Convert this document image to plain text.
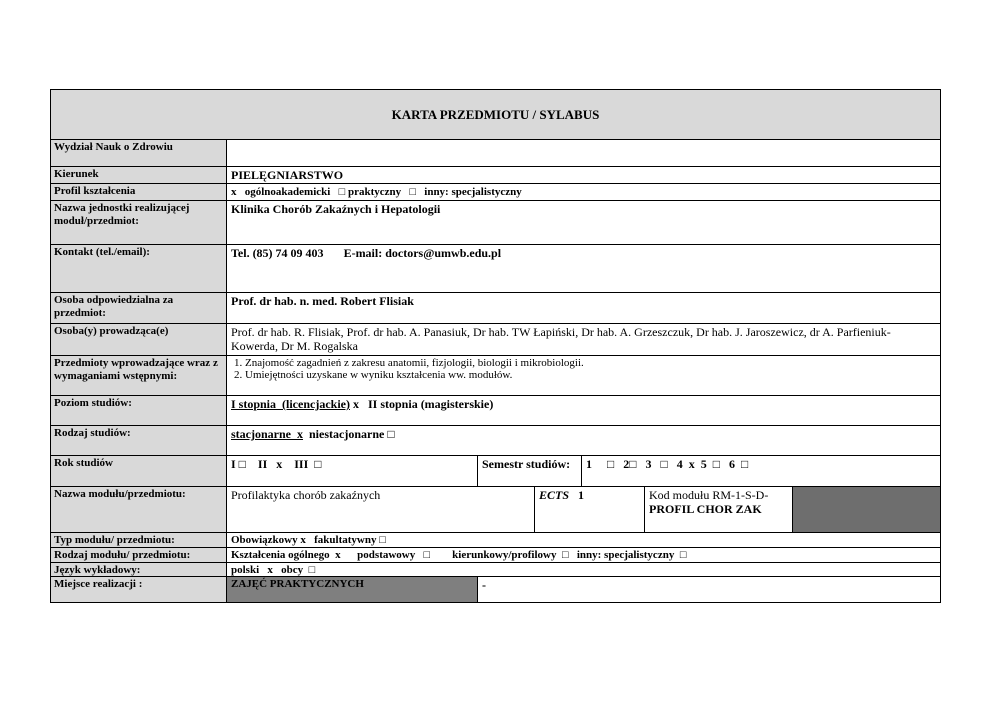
KARTA PRZEDMIOTU / SYLABUS
Wydział Nauk o Zdrowiu
Kierunek	PIELĘGNIARSTWO
Profil kształcenia	x   ogólnoakademicki   □ praktyczny   □   inny: specjalistyczny
Nazwa jednostki realizującej moduł/przedmiot:
Klinika Chorób Zakaźnych i Hepatologii
Kontakt (tel./email):	Tel. (85) 74 09 403 E-mail: doctors@umwb.edu.pl
Osoba odpowiedzialna za przedmiot:
Prof. dr hab. n. med. Robert Flisiak
Osoba(y) prowadząca(e)	Prof. dr hab. R. Flisiak, Prof. dr hab. A. Panasiuk, Dr hab. TW Łapiński, Dr hab. A. Grzeszczuk, Dr hab. J. Jaroszewicz, dr A. Parfieniuk-Kowerda, Dr M. Rogalska
Przedmioty wprowadzające wraz z wymaganiami wstępnymi:
1. Znajomość zagadnień z zakresu anatomii, fizjologii, biologii i mikrobiologii.
2. Umiejętności uzyskane w wyniku kształcenia ww. modułów.
Poziom studiów:	I stopnia  (licencjackie) x   II stopnia (magisterskie)
Rodzaj studiów:	stacjonarne  x  niestacjonarne □
Rok studiów	I □    II   x    III  □	Semestr studiów:	1     □   2□   3   □   4  x  5  □   6  □
Nazwa modułu/przedmiotu:	Profilaktyka chorób zakaźnych	ECTS 1	Kod modułu RM-1-S-D-
PROFIL CHOR ZAK
Typ modułu/ przedmiotu:	Obowiązkowy x   fakultatywny □
Rodzaj modułu/ przedmiotu:	Kształcenia ogólnego  x      podstawowy   □        kierunkowy/profilowy  □   inny: specjalistyczny  □
Język wykładowy:	polski   x   obcy  □
Miejsce realizacji :	ZAJĘĆ PRAKTYCZNYCH	-
